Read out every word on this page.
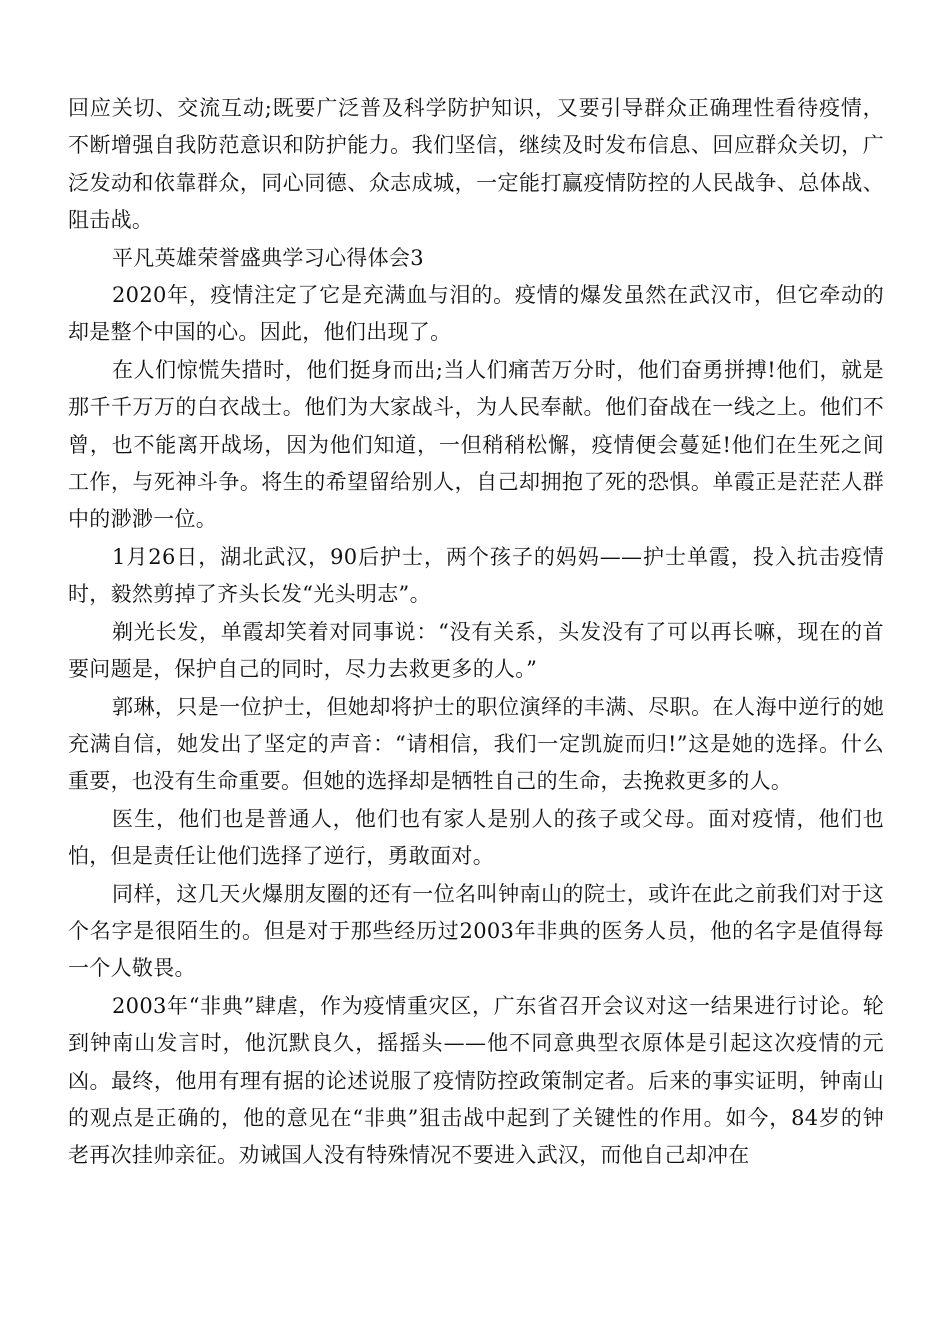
回应关切、交流互动;既要广泛普及科学防护知识，又要引导群众正确理性看待疫情，不断增强自我防范意识和防护能力。我们坚信，继续及时发布信息、回应群众关切，广泛发动和依靠群众，同心同德、众志成城，一定能打赢疫情防控的人民战争、总体战、阻击战。

平凡英雄荣誉盛典学习心得体会3

2020年，疫情注定了它是充满血与泪的。疫情的爆发虽然在武汉市，但它牵动的却是整个中国的心。因此，他们出现了。

在人们惊慌失措时，他们挺身而出;当人们痛苦万分时，他们奋勇拼搏!他们，就是那千千万万的白衣战士。他们为大家战斗，为人民奉献。他们奋战在一线之上。他们不曾，也不能离开战场，因为他们知道，一但稍稍松懈，疫情便会蔓延!他们在生死之间工作，与死神斗争。将生的希望留给别人，自己却拥抱了死的恐惧。单霞正是茫茫人群中的渺渺一位。

1月26日，湖北武汉，90后护士，两个孩子的妈妈——护士单霞，投入抗击疫情时，毅然剪掉了齐头长发“光头明志”。

剃光长发，单霞却笑着对同事说：“没有关系，头发没有了可以再长嘛，现在的首要问题是，保护自己的同时，尽力去救更多的人。”

郭琳，只是一位护士，但她却将护士的职位演绎的丰满、尽职。在人海中逆行的她充满自信，她发出了坚定的声音：“请相信，我们一定凯旋而归!”这是她的选择。什么重要，也没有生命重要。但她的选择却是牺牲自己的生命，去挽救更多的人。

医生，他们也是普通人，他们也有家人是别人的孩子或父母。面对疫情，他们也怕，但是责任让他们选择了逆行，勇敢面对。

同样，这几天火爆朋友圈的还有一位名叫钟南山的院士，或许在此之前我们对于这个名字是很陌生的。但是对于那些经历过2003年非典的医务人员，他的名字是值得每一个人敬畏。

2003年“非典”肆虐，作为疫情重灾区，广东省召开会议对这一结果进行讨论。轮到钟南山发言时，他沉默良久，摇摇头——他不同意典型衣原体是引起这次疫情的元凶。最终，他用有理有据的论述说服了疫情防控政策制定者。后来的事实证明，钟南山的观点是正确的，他的意见在“非典”狙击战中起到了关键性的作用。如今，84岁的钟老再次挂帅亲征。劝诫国人没有特殊情况不要进入武汉，而他自己却冲在
